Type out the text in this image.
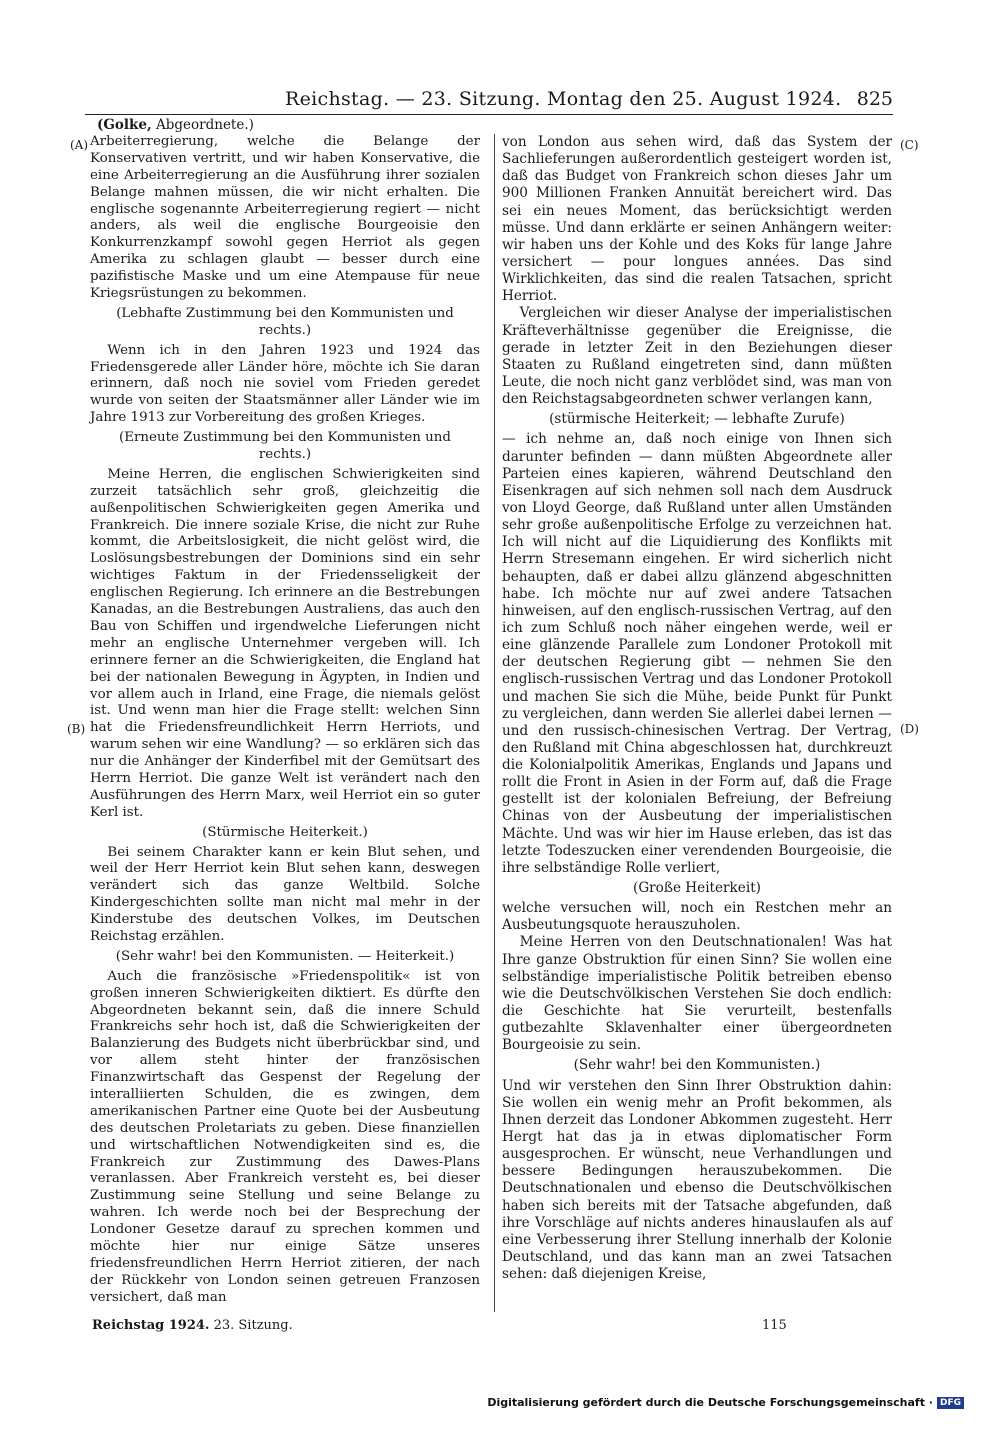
Reichstag. — 23. Sitzung. Montag den 25. August 1924. 825
(Golke, Abgeordnete.)
(A)
(B)
(C)
(D)

Arbeiterregierung, welche die Belange der Konservativen vertritt, und wir haben Konservative, die eine Arbeiterregierung an die Ausführung ihrer sozialen Belange mahnen müssen, die wir nicht erhalten. Die englische sogenannte Arbeiterregierung regiert — nicht anders, als weil die englische Bourgeoisie den Konkurrenzkampf sowohl gegen Herriot als gegen Amerika zu schlagen glaubt — besser durch eine pazifistische Maske und um eine Atempause für neue Kriegsrüstungen zu bekommen.

(Lebhafte Zustimmung bei den Kommunisten und rechts.)

Wenn ich in den Jahren 1923 und 1924 das Friedensgerede aller Länder höre, möchte ich Sie daran erinnern, daß noch nie soviel vom Frieden geredet wurde von seiten der Staatsmänner aller Länder wie im Jahre 1913 zur Vorbereitung des großen Krieges.

(Erneute Zustimmung bei den Kommunisten und rechts.)

Meine Herren, die englischen Schwierigkeiten sind zurzeit tatsächlich sehr groß, gleichzeitig die außenpolitischen Schwierigkeiten gegen Amerika und Frankreich. Die innere soziale Krise, die nicht zur Ruhe kommt, die Arbeitslosigkeit, die nicht gelöst wird, die Loslösungsbestrebungen der Dominions sind ein sehr wichtiges Faktum in der Friedensseligkeit der englischen Regierung. Ich erinnere an die Bestrebungen Kanadas, an die Bestrebungen Australiens, das auch den Bau von Schiffen und irgendwelche Lieferungen nicht mehr an englische Unternehmer vergeben will. Ich erinnere ferner an die Schwierigkeiten, die England hat bei der nationalen Bewegung in Ägypten, in Indien und vor allem auch in Irland, eine Frage, die niemals gelöst ist. Und wenn man hier die Frage stellt: welchen Sinn hat die Friedensfreundlichkeit Herrn Herriots, und warum sehen wir eine Wandlung? — so erklären sich das nur die Anhänger der Kinderfibel mit der Gemütsart des Herrn Herriot. Die ganze Welt ist verändert nach den Ausführungen des Herrn Marx, weil Herriot ein so guter Kerl ist.

(Stürmische Heiterkeit.)

Bei seinem Charakter kann er kein Blut sehen, und weil der Herr Herriot kein Blut sehen kann, deswegen verändert sich das ganze Weltbild. Solche Kindergeschichten sollte man nicht mal mehr in der Kinderstube des deutschen Volkes, im Deutschen Reichstag erzählen.

(Sehr wahr! bei den Kommunisten. — Heiterkeit.)

Auch die französische »Friedenspolitik« ist von großen inneren Schwierigkeiten diktiert. Es dürfte den Abgeordneten bekannt sein, daß die innere Schuld Frankreichs sehr hoch ist, daß die Schwierigkeiten der Balanzierung des Budgets nicht überbrückbar sind, und vor allem steht hinter der französischen Finanzwirtschaft das Gespenst der Regelung der interalliierten Schulden, die es zwingen, dem amerikanischen Partner eine Quote bei der Ausbeutung des deutschen Proletariats zu geben. Diese finanziellen und wirtschaftlichen Notwendigkeiten sind es, die Frankreich zur Zustimmung des Dawes-Plans veranlassen. Aber Frankreich versteht es, bei dieser Zustimmung seine Stellung und seine Belange zu wahren. Ich werde noch bei der Besprechung der Londoner Gesetze darauf zu sprechen kommen und möchte hier nur einige Sätze unseres friedensfreundlichen Herrn Herriot zitieren, der nach der Rückkehr von London seinen getreuen Franzosen versichert, daß man

von London aus sehen wird, daß das System der Sachlieferungen außerordentlich gesteigert worden ist, daß das Budget von Frankreich schon dieses Jahr um 900 Millionen Franken Annuität bereichert wird. Das sei ein neues Moment, das berücksichtigt werden müsse. Und dann erklärte er seinen Anhängern weiter: wir haben uns der Kohle und des Koks für lange Jahre versichert — pour longues années. Das sind Wirklichkeiten, das sind die realen Tatsachen, spricht Herriot.

Vergleichen wir dieser Analyse der imperialistischen Kräfteverhältnisse gegenüber die Ereignisse, die gerade in letzter Zeit in den Beziehungen dieser Staaten zu Rußland eingetreten sind, dann müßten Leute, die noch nicht ganz verblödet sind, was man von den Reichstagsabgeordneten schwer verlangen kann,

(stürmische Heiterkeit; — lebhafte Zurufe)

— ich nehme an, daß noch einige von Ihnen sich darunter befinden — dann müßten Abgeordnete aller Parteien eines kapieren, während Deutschland den Eisenkragen auf sich nehmen soll nach dem Ausdruck von Lloyd George, daß Rußland unter allen Umständen sehr große außenpolitische Erfolge zu verzeichnen hat. Ich will nicht auf die Liquidierung des Konflikts mit Herrn Stresemann eingehen. Er wird sicherlich nicht behaupten, daß er dabei allzu glänzend abgeschnitten habe. Ich möchte nur auf zwei andere Tatsachen hinweisen, auf den englisch-russischen Vertrag, auf den ich zum Schluß noch näher eingehen werde, weil er eine glänzende Parallele zum Londoner Protokoll mit der deutschen Regierung gibt — nehmen Sie den englisch-russischen Vertrag und das Londoner Protokoll und machen Sie sich die Mühe, beide Punkt für Punkt zu vergleichen, dann werden Sie allerlei dabei lernen — und den russisch-chinesischen Vertrag. Der Vertrag, den Rußland mit China abgeschlossen hat, durchkreuzt die Kolonialpolitik Amerikas, Englands und Japans und rollt die Front in Asien in der Form auf, daß die Frage gestellt ist der kolonialen Befreiung, der Befreiung Chinas von der Ausbeutung der imperialistischen Mächte. Und was wir hier im Hause erleben, das ist das letzte Todeszucken einer verendenden Bourgeoisie, die ihre selbständige Rolle verliert,

(Große Heiterkeit)

welche versuchen will, noch ein Restchen mehr an Ausbeutungsquote herauszuholen.

Meine Herren von den Deutschnationalen! Was hat Ihre ganze Obstruktion für einen Sinn? Sie wollen eine selbständige imperialistische Politik betreiben ebenso wie die Deutschvölkischen Verstehen Sie doch endlich: die Geschichte hat Sie verurteilt, bestenfalls gutbezahlte Sklavenhalter einer übergeordneten Bourgeoisie zu sein.

(Sehr wahr! bei den Kommunisten.)

Und wir verstehen den Sinn Ihrer Obstruktion dahin: Sie wollen ein wenig mehr an Profit bekommen, als Ihnen derzeit das Londoner Abkommen zugesteht. Herr Hergt hat das ja in etwas diplomatischer Form ausgesprochen. Er wünscht, neue Verhandlungen und bessere Bedingungen herauszubekommen. Die Deutschnationalen und ebenso die Deutschvölkischen haben sich bereits mit der Tatsache abgefunden, daß ihre Vorschläge auf nichts anderes hinauslaufen als auf eine Verbesserung ihrer Stellung innerhalb der Kolonie Deutschland, und das kann man an zwei Tatsachen sehen: daß diejenigen Kreise,

Reichstag 1924. 23. Sitzung.	115
Digitalisierung gefördert durch die Deutsche Forschungsgemeinschaft · DFG
